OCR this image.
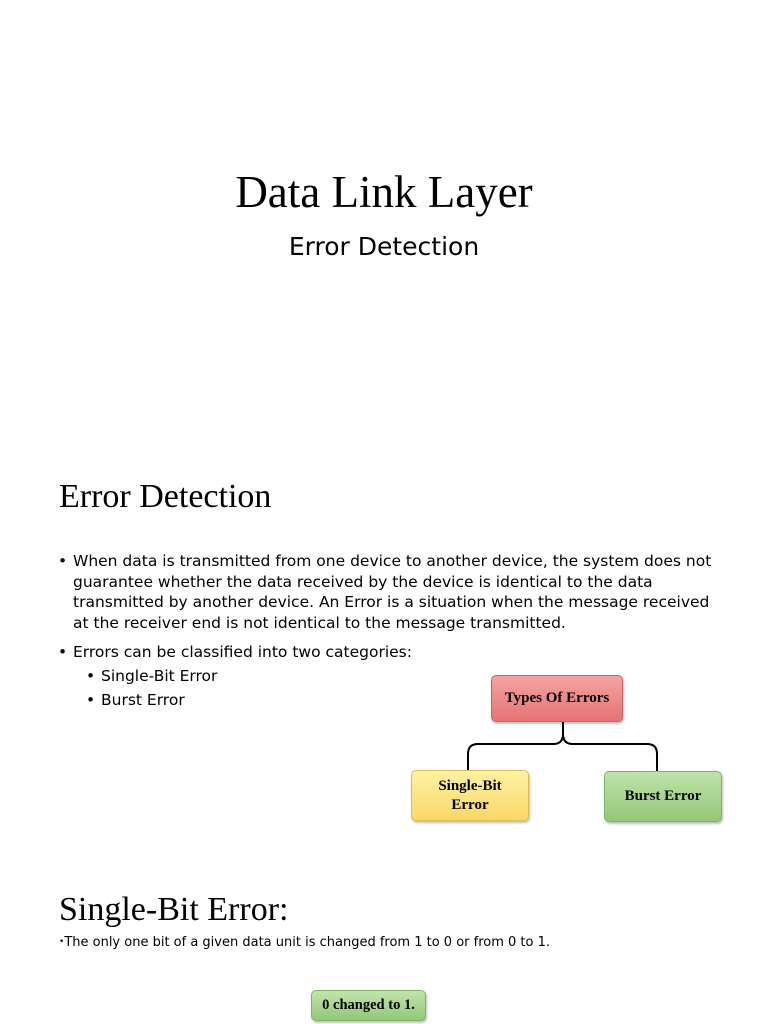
Data Link Layer
Error Detection
Error Detection
• When data is transmitted from one device to another device, the system does not guarantee whether the data received by the device is identical to the data transmitted by another device. An Error is a situation when the message received at the receiver end is not identical to the message transmitted.
• Errors can be classified into two categories:
• Single-Bit Error
• Burst Error	Types Of Errors
Single-Bit Error
Burst Error
Single-Bit Error:
•The only one bit of a given data unit is changed from 1 to 0 or from 0 to 1.
0 changed to 1.
